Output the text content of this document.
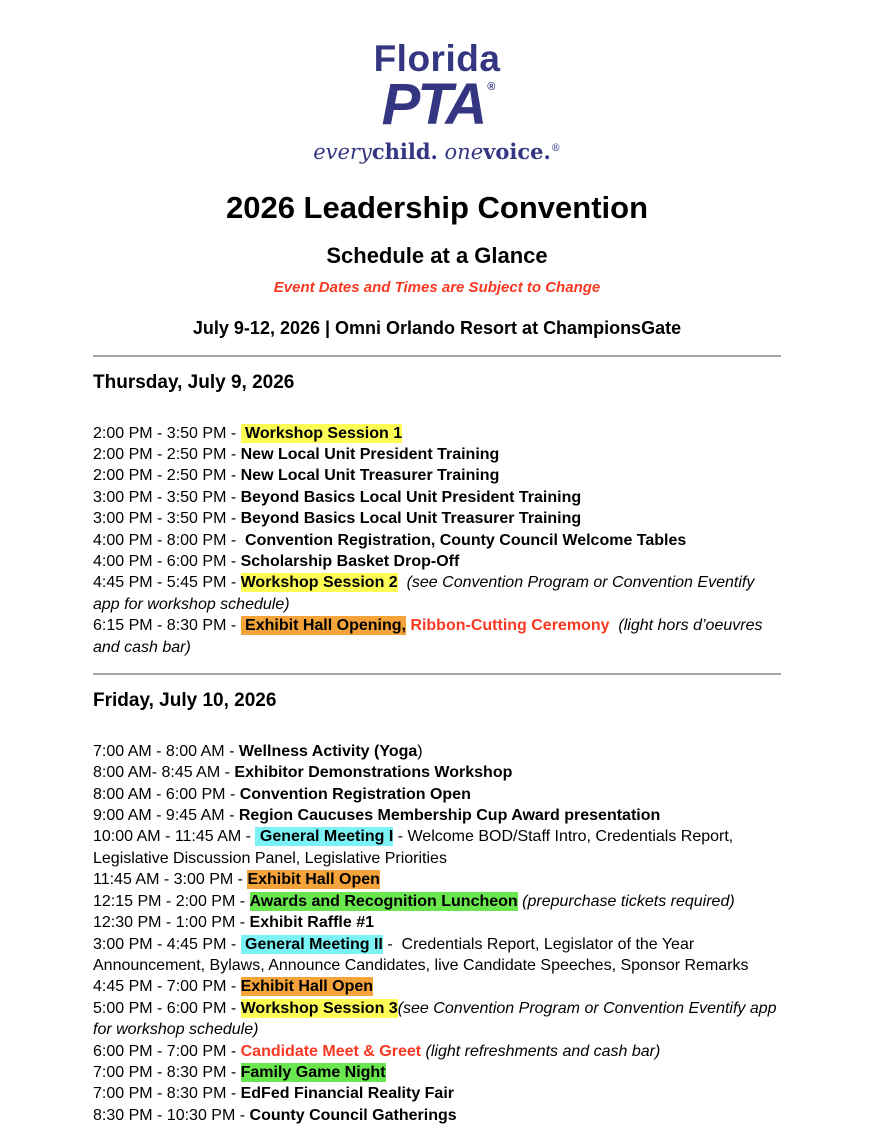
Florida
PTA ®
everychild. onevoice.®
2026 Leadership Convention
Schedule at a Glance
Event Dates and Times are Subject to Change
July 9-12, 2026 | Omni Orlando Resort at ChampionsGate
Thursday, July 9, 2026

2:00 PM - 3:50 PM -  Workshop Session 1

2:00 PM - 2:50 PM - New Local Unit President Training

2:00 PM - 2:50 PM - New Local Unit Treasurer Training

3:00 PM - 3:50 PM - Beyond Basics Local Unit President Training

3:00 PM - 3:50 PM - Beyond Basics Local Unit Treasurer Training

4:00 PM - 8:00 PM -  Convention Registration, County Council Welcome Tables

4:00 PM - 6:00 PM - Scholarship Basket Drop-Off

4:45 PM - 5:45 PM - Workshop Session 2 (see Convention Program or Convention Eventify app for workshop schedule)

6:15 PM - 8:30 PM -  Exhibit Hall Opening, Ribbon-Cutting Ceremony (light hors d’oeuvres and cash bar)

Friday, July 10, 2026

7:00 AM - 8:00 AM - Wellness Activity (Yoga)

8:00 AM- 8:45 AM - Exhibitor Demonstrations Workshop

8:00 AM - 6:00 PM - Convention Registration Open

9:00 AM - 9:45 AM - Region Caucuses Membership Cup Award presentation

10:00 AM - 11:45 AM -  General Meeting I - Welcome BOD/Staff Intro, Credentials Report, Legislative Discussion Panel, Legislative Priorities

11:45 AM - 3:00 PM - Exhibit Hall Open

12:15 PM - 2:00 PM - Awards and Recognition Luncheon (prepurchase tickets required)

12:30 PM - 1:00 PM - Exhibit Raffle #1

3:00 PM - 4:45 PM -  General Meeting II -  Credentials Report, Legislator of the Year Announcement, Bylaws, Announce Candidates, live Candidate Speeches, Sponsor Remarks

4:45 PM - 7:00 PM - Exhibit Hall Open

5:00 PM - 6:00 PM - Workshop Session 3(see Convention Program or Convention Eventify app for workshop schedule)

6:00 PM - 7:00 PM - Candidate Meet & Greet (light refreshments and cash bar)

7:00 PM - 8:30 PM - Family Game Night

7:00 PM - 8:30 PM - EdFed Financial Reality Fair

8:30 PM - 10:30 PM - County Council Gatherings
